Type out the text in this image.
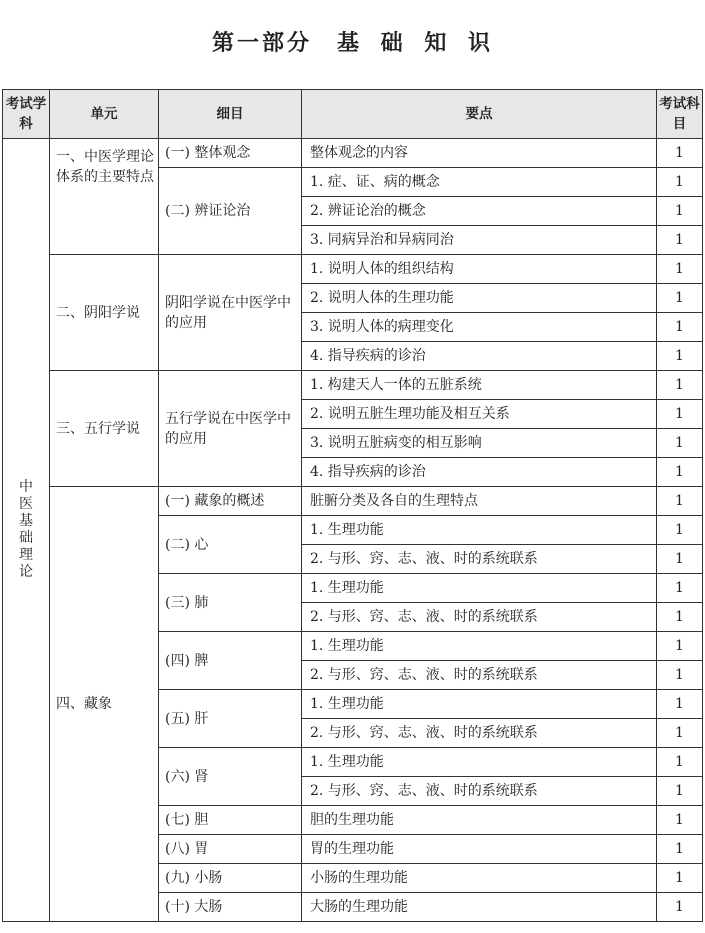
第一部分　基 础 知 识
考试学科	单元	细目	要点	考试科目
中医基础理论	一、中医学理论体系的主要特点	(一) 整体观念	整体观念的内容	1
		(二) 辨证论治	1. 症、证、病的概念	1
			2. 辨证论治的概念	1
			3. 同病异治和异病同治	1
	二、阴阳学说	阴阳学说在中医学中的应用	1. 说明人体的组织结构	1
			2. 说明人体的生理功能	1
			3. 说明人体的病理变化	1
			4. 指导疾病的诊治	1
	三、五行学说	五行学说在中医学中的应用	1. 构建天人一体的五脏系统	1
			2. 说明五脏生理功能及相互关系	1
			3. 说明五脏病变的相互影响	1
			4. 指导疾病的诊治	1
	四、藏象	(一) 藏象的概述	脏腑分类及各自的生理特点	1
		(二) 心	1. 生理功能	1
			2. 与形、窍、志、液、时的系统联系	1
		(三) 肺	1. 生理功能	1
			2. 与形、窍、志、液、时的系统联系	1
		(四) 脾	1. 生理功能	1
			2. 与形、窍、志、液、时的系统联系	1
		(五) 肝	1. 生理功能	1
			2. 与形、窍、志、液、时的系统联系	1
		(六) 肾	1. 生理功能	1
			2. 与形、窍、志、液、时的系统联系	1
		(七) 胆	胆的生理功能	1
		(八) 胃	胃的生理功能	1
		(九) 小肠	小肠的生理功能	1
		(十) 大肠	大肠的生理功能	1
